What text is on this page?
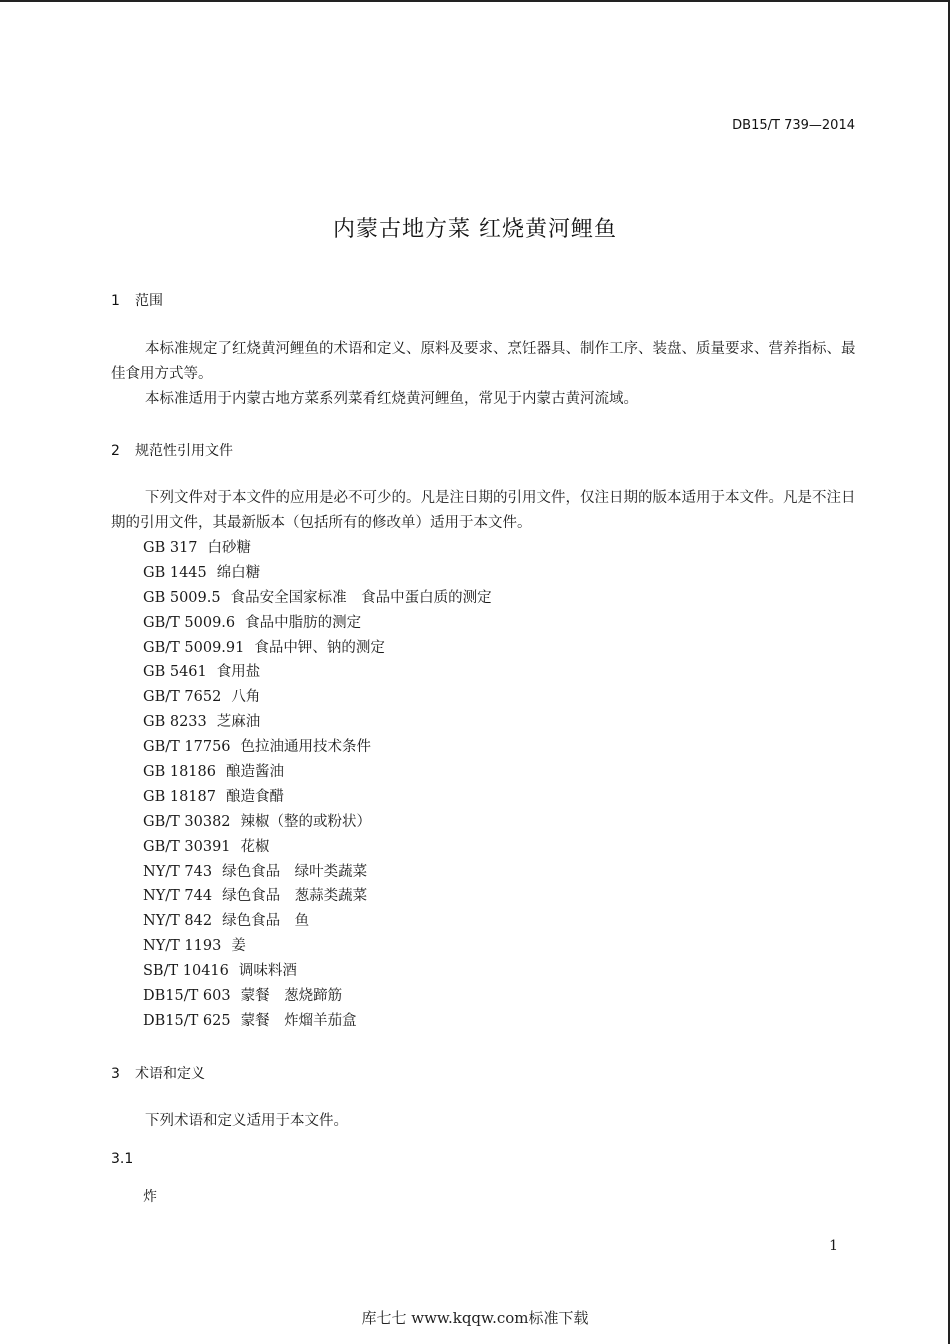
DB15/T 739—2014
内蒙古地方菜 红烧黄河鲤鱼
1 范围
本标准规定了红烧黄河鲤鱼的术语和定义、原料及要求、烹饪器具、制作工序、装盘、质量要求、营养指标、最佳食用方式等。
本标准适用于内蒙古地方菜系列菜肴红烧黄河鲤鱼，常见于内蒙古黄河流域。
2 规范性引用文件
下列文件对于本文件的应用是必不可少的。凡是注日期的引用文件，仅注日期的版本适用于本文件。凡是不注日期的引用文件，其最新版本（包括所有的修改单）适用于本文件。
GB 317 白砂糖
GB 1445 绵白糖
GB 5009.5 食品安全国家标准　食品中蛋白质的测定
GB/T 5009.6 食品中脂肪的测定
GB/T 5009.91 食品中钾、钠的测定
GB 5461 食用盐
GB/T 7652 八角
GB 8233 芝麻油
GB/T 17756 色拉油通用技术条件
GB 18186 酿造酱油
GB 18187 酿造食醋
GB/T 30382 辣椒（整的或粉状）
GB/T 30391 花椒
NY/T 743 绿色食品　绿叶类蔬菜
NY/T 744 绿色食品　葱蒜类蔬菜
NY/T 842 绿色食品　鱼
NY/T 1193 姜
SB/T 10416 调味料酒
DB15/T 603 蒙餐　葱烧蹄筋
DB15/T 625 蒙餐　炸熘羊茄盒
3 术语和定义
下列术语和定义适用于本文件。
3.1
炸
1
库七七 www.kqqw.com标准下载
